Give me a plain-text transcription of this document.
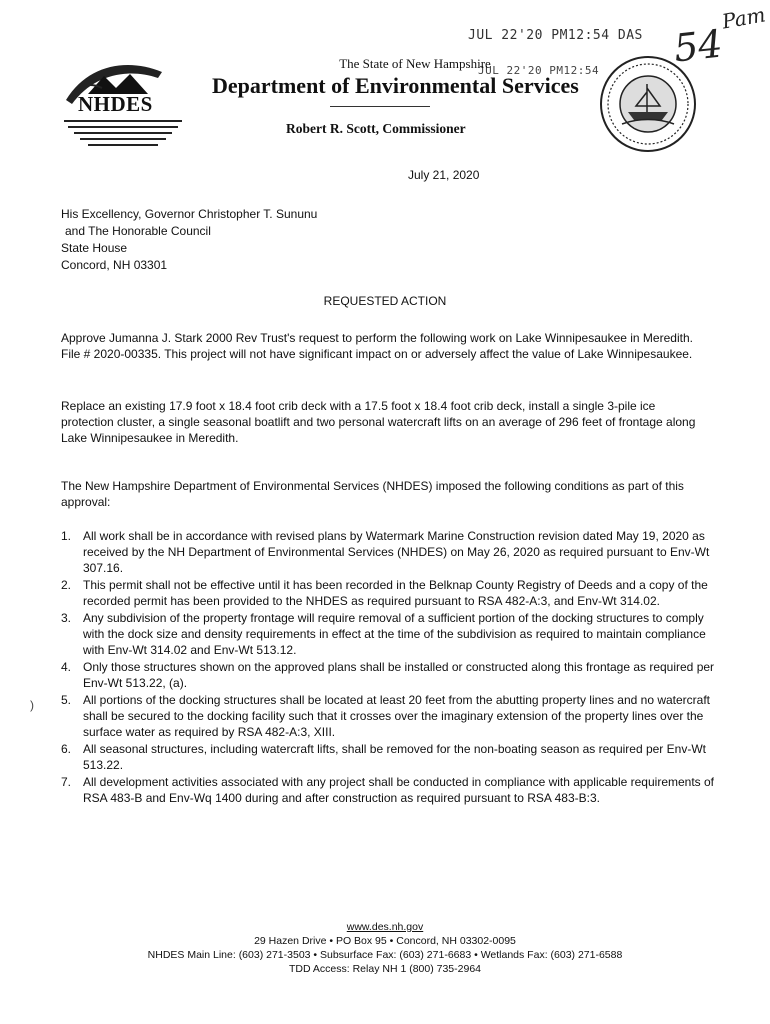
JUL 22'20 PM12:54 DAS
JUL 22'20 PM12:54
54
Pam
NHDES
The State of New Hampshire
Department of Environmental Services
Robert R. Scott, Commissioner
July 21, 2020
His Excellency, Governor Christopher T. Sununu
and The Honorable Council
State House
Concord, NH 03301
REQUESTED ACTION
Approve Jumanna J. Stark 2000 Rev Trust's request to perform the following work on Lake Winnipesaukee in Meredith. File # 2020-00335. This project will not have significant impact on or adversely affect the value of Lake Winnipesaukee.
Replace an existing 17.9 foot x 18.4 foot crib deck with a 17.5 foot x 18.4 foot crib deck, install a single 3-pile ice protection cluster, a single seasonal boatlift and two personal watercraft lifts on an average of 296 feet of frontage along Lake Winnipesaukee in Meredith.
The New Hampshire Department of Environmental Services (NHDES) imposed the following conditions as part of this approval:
1. All work shall be in accordance with revised plans by Watermark Marine Construction revision dated May 19, 2020 as received by the NH Department of Environmental Services (NHDES) on May 26, 2020 as required pursuant to Env-Wt 307.16.
2. This permit shall not be effective until it has been recorded in the Belknap County Registry of Deeds and a copy of the recorded permit has been provided to the NHDES as required pursuant to RSA 482-A:3, and Env-Wt 314.02.
3. Any subdivision of the property frontage will require removal of a sufficient portion of the docking structures to comply with the dock size and density requirements in effect at the time of the subdivision as required to maintain compliance with Env-Wt 314.02 and Env-Wt 513.12.
4. Only those structures shown on the approved plans shall be installed or constructed along this frontage as required per Env-Wt 513.22, (a).
5. All portions of the docking structures shall be located at least 20 feet from the abutting property lines and no watercraft shall be secured to the docking facility such that it crosses over the imaginary extension of the property lines over the surface water as required by RSA 482-A:3, XIII.
6. All seasonal structures, including watercraft lifts, shall be removed for the non-boating season as required per Env-Wt 513.22.
7. All development activities associated with any project shall be conducted in compliance with applicable requirements of RSA 483-B and Env-Wq 1400 during and after construction as required pursuant to RSA 483-B:3.
)
www.des.nh.gov
29 Hazen Drive • PO Box 95 • Concord, NH 03302-0095
NHDES Main Line: (603) 271-3503 • Subsurface Fax: (603) 271-6683 • Wetlands Fax: (603) 271-6588
TDD Access: Relay NH 1 (800) 735-2964
